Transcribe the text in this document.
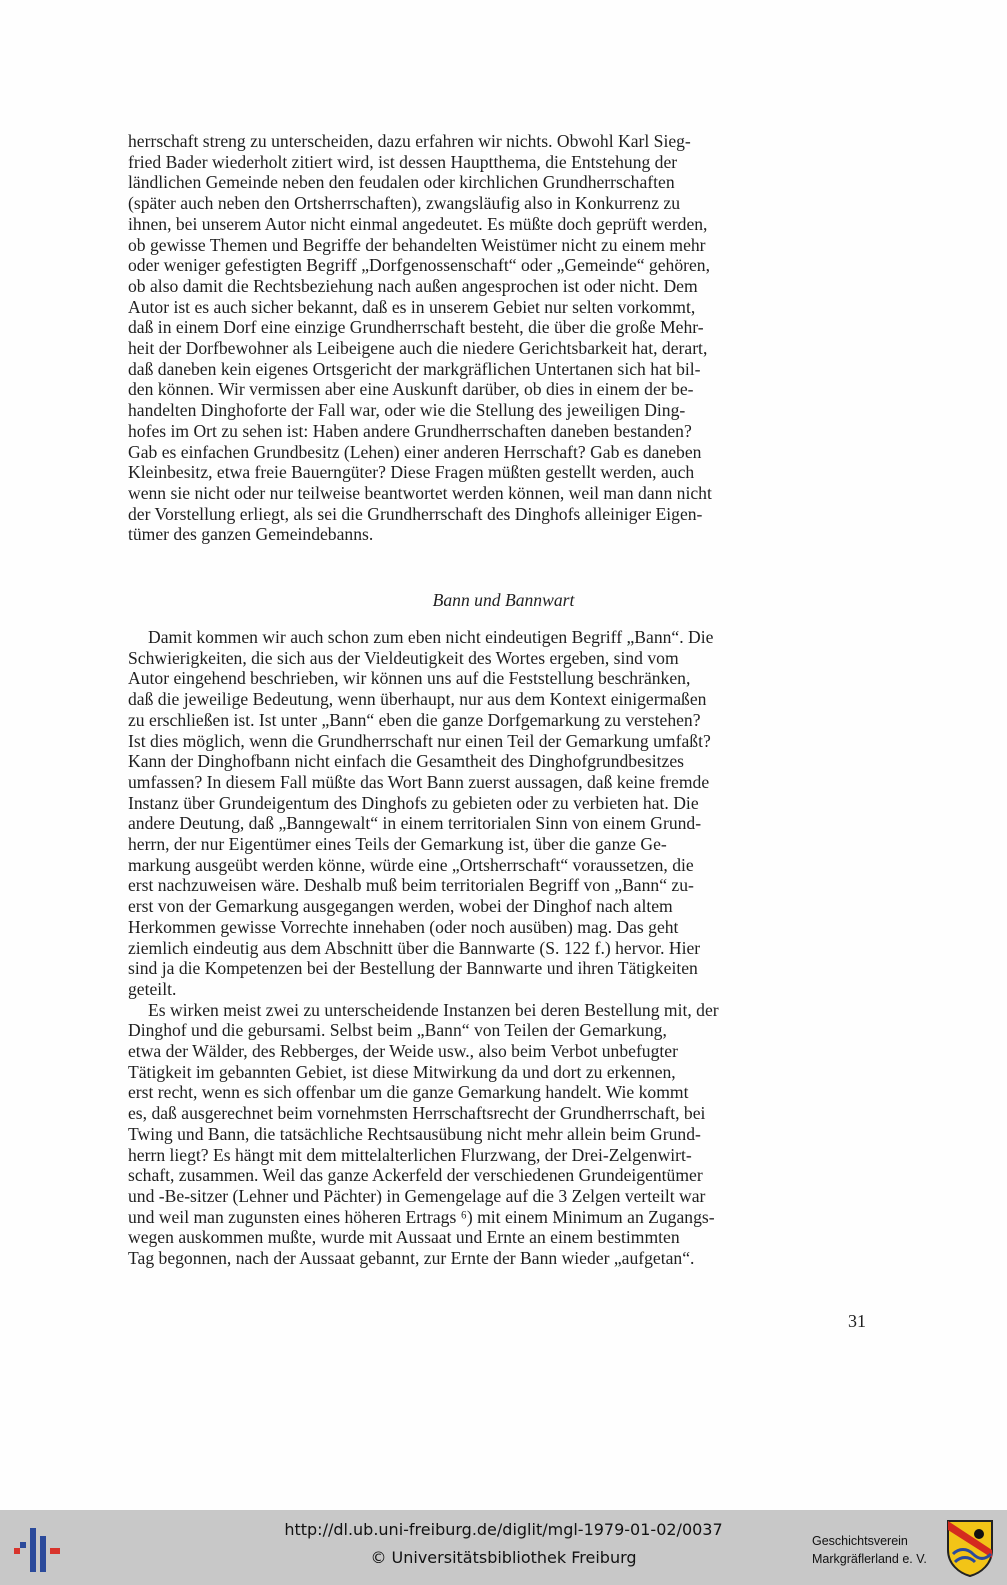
herrschaft streng zu unterscheiden, dazu erfahren wir nichts. Obwohl Karl Sieg-
fried Bader wiederholt zitiert wird, ist dessen Hauptthema, die Entstehung der
ländlichen Gemeinde neben den feudalen oder kirchlichen Grundherrschaften
(später auch neben den Ortsherrschaften), zwangsläufig also in Konkurrenz zu
ihnen, bei unserem Autor nicht einmal angedeutet. Es müßte doch geprüft werden,
ob gewisse Themen und Begriffe der behandelten Weistümer nicht zu einem mehr
oder weniger gefestigten Begriff „Dorfgenossenschaft“ oder „Gemeinde“ gehören,
ob also damit die Rechtsbeziehung nach außen angesprochen ist oder nicht. Dem
Autor ist es auch sicher bekannt, daß es in unserem Gebiet nur selten vorkommt,
daß in einem Dorf eine einzige Grundherrschaft besteht, die über die große Mehr-
heit der Dorfbewohner als Leibeigene auch die niedere Gerichtsbarkeit hat, derart,
daß daneben kein eigenes Ortsgericht der markgräflichen Untertanen sich hat bil-
den können. Wir vermissen aber eine Auskunft darüber, ob dies in einem der be-
handelten Dinghoforte der Fall war, oder wie die Stellung des jeweiligen Ding-
hofes im Ort zu sehen ist: Haben andere Grundherrschaften daneben bestanden?
Gab es einfachen Grundbesitz (Lehen) einer anderen Herrschaft? Gab es daneben
Kleinbesitz, etwa freie Bauerngüter? Diese Fragen müßten gestellt werden, auch
wenn sie nicht oder nur teilweise beantwortet werden können, weil man dann nicht
der Vorstellung erliegt, als sei die Grundherrschaft des Dinghofs alleiniger Eigen-
tümer des ganzen Gemeindebanns.

Bann und Bannwart

Damit kommen wir auch schon zum eben nicht eindeutigen Begriff „Bann“. Die
Schwierigkeiten, die sich aus der Vieldeutigkeit des Wortes ergeben, sind vom
Autor eingehend beschrieben, wir können uns auf die Feststellung beschränken,
daß die jeweilige Bedeutung, wenn überhaupt, nur aus dem Kontext einigermaßen
zu erschließen ist. Ist unter „Bann“ eben die ganze Dorfgemarkung zu verstehen?
Ist dies möglich, wenn die Grundherrschaft nur einen Teil der Gemarkung umfaßt?
Kann der Dinghofbann nicht einfach die Gesamtheit des Dinghofgrundbesitzes
umfassen? In diesem Fall müßte das Wort Bann zuerst aussagen, daß keine fremde
Instanz über Grundeigentum des Dinghofs zu gebieten oder zu verbieten hat. Die
andere Deutung, daß „Banngewalt“ in einem territorialen Sinn von einem Grund-
herrn, der nur Eigentümer eines Teils der Gemarkung ist, über die ganze Ge-
markung ausgeübt werden könne, würde eine „Ortsherrschaft“ voraussetzen, die
erst nachzuweisen wäre. Deshalb muß beim territorialen Begriff von „Bann“ zu-
erst von der Gemarkung ausgegangen werden, wobei der Dinghof nach altem
Herkommen gewisse Vorrechte innehaben (oder noch ausüben) mag. Das geht
ziemlich eindeutig aus dem Abschnitt über die Bannwarte (S. 122 f.) hervor. Hier
sind ja die Kompetenzen bei der Bestellung der Bannwarte und ihren Tätigkeiten
geteilt.

Es wirken meist zwei zu unterscheidende Instanzen bei deren Bestellung mit, der
Dinghof und die gebursami. Selbst beim „Bann“ von Teilen der Gemarkung,
etwa der Wälder, des Rebberges, der Weide usw., also beim Verbot unbefugter
Tätigkeit im gebannten Gebiet, ist diese Mitwirkung da und dort zu erkennen,
erst recht, wenn es sich offenbar um die ganze Gemarkung handelt. Wie kommt
es, daß ausgerechnet beim vornehmsten Herrschaftsrecht der Grundherrschaft, bei
Twing und Bann, die tatsächliche Rechtsausübung nicht mehr allein beim Grund-
herrn liegt? Es hängt mit dem mittelalterlichen Flurzwang, der Drei-Zelgenwirt-
schaft, zusammen. Weil das ganze Ackerfeld der verschiedenen Grundeigentümer
und -Be-sitzer (Lehner und Pächter) in Gemengelage auf die 3 Zelgen verteilt war
und weil man zugunsten eines höheren Ertrags ⁶) mit einem Minimum an Zugangs-
wegen auskommen mußte, wurde mit Aussaat und Ernte an einem bestimmten
Tag begonnen, nach der Aussaat gebannt, zur Ernte der Bann wieder „aufgetan“.

31
http://dl.ub.uni-freiburg.de/diglit/mgl-1979-01-02/0037
© Universitätsbibliothek Freiburg
Geschichtsverein
Markgräflerland e. V.
